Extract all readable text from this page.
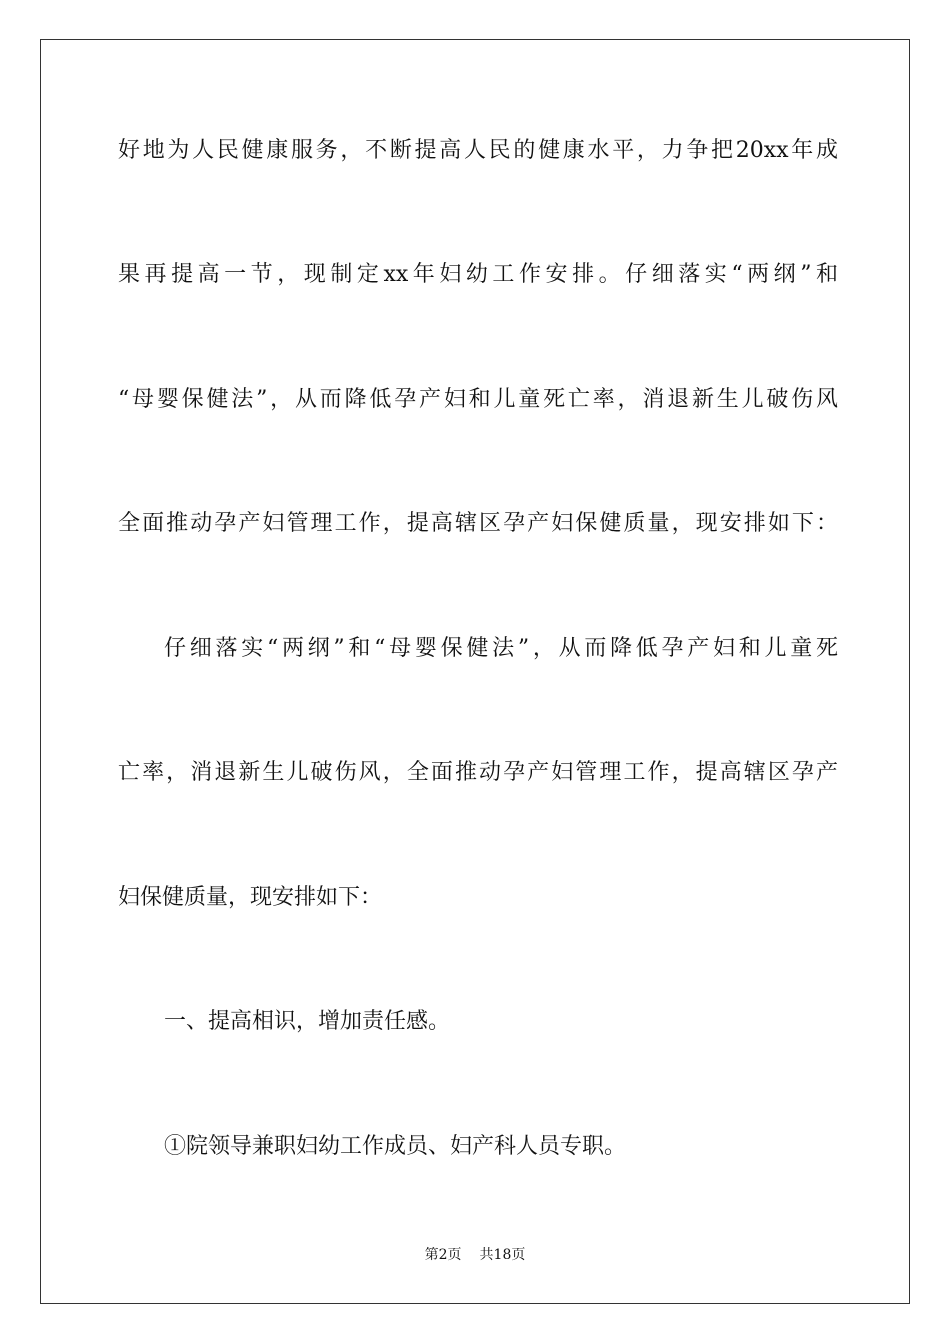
好地为人民健康服务，不断提高人民的健康水平，力争把20xx年成
果再提高一节，现制定xx年妇幼工作安排。仔细落实“两纲”和
“母婴保健法”，从而降低孕产妇和儿童死亡率，消退新生儿破伤风
全面推动孕产妇管理工作，提高辖区孕产妇保健质量，现安排如下：
仔细落实“两纲”和“母婴保健法”，从而降低孕产妇和儿童死
亡率，消退新生儿破伤风，全面推动孕产妇管理工作，提高辖区孕产
妇保健质量，现安排如下：
一、提高相识，增加责任感。
①院领导兼职妇幼工作成员、妇产科人员专职。
第2页 共18页
